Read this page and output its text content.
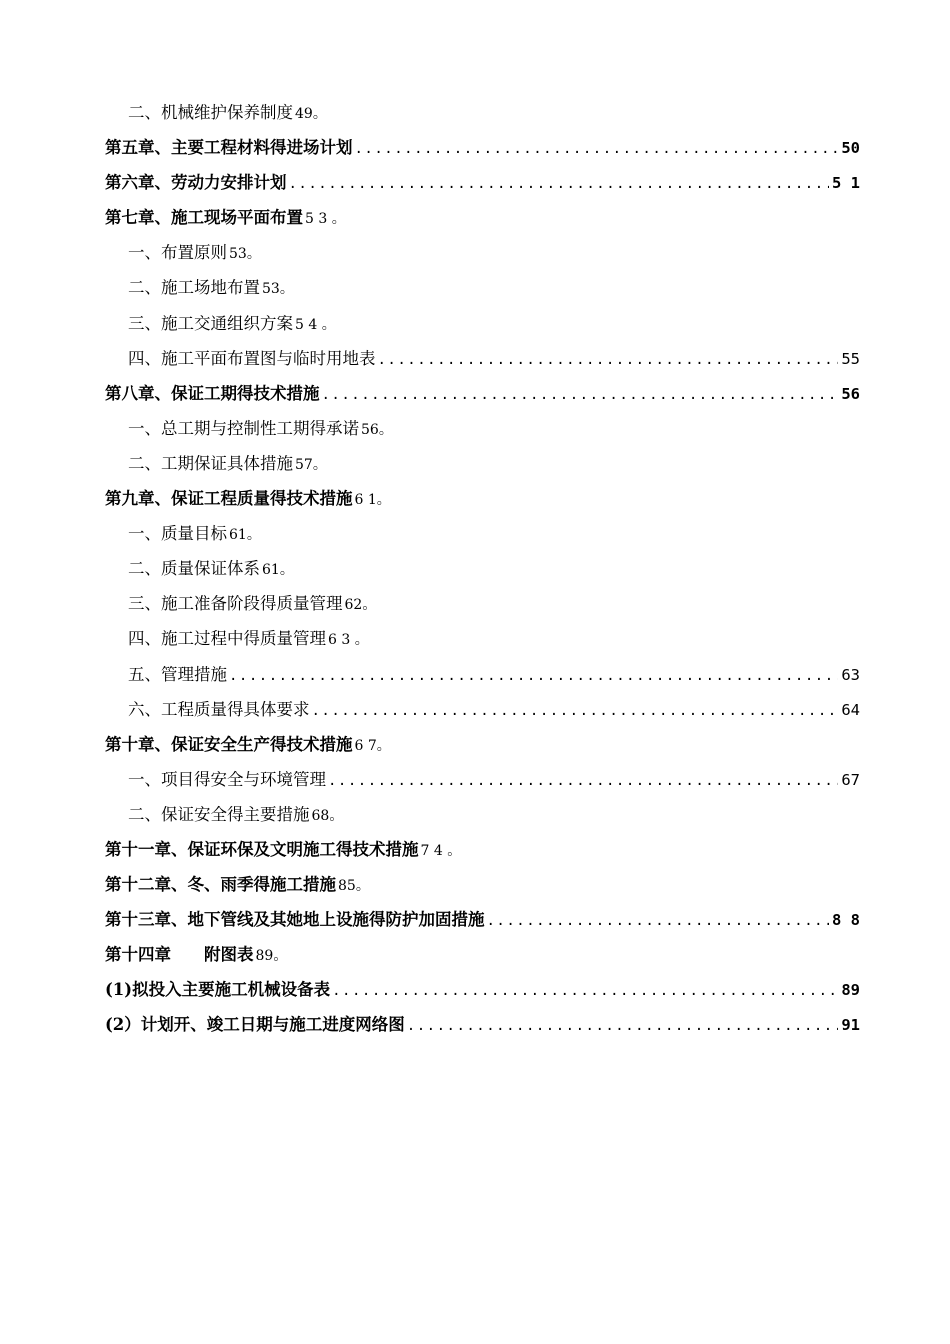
二、机械维护保养制度 49。
第五章、主要工程材料得进场计划 .....	50
第六章、劳动力安排计划 .....	5 1
第七章、施工现场平面布置 5 3 。
一、布置原则 53。
二、施工场地布置 53。
三、施工交通组织方案 5 4 。
四、施工平面布置图与临时用地表 .....	55
第八章、保证工期得技术措施 .....	56
一、总工期与控制性工期得承诺 56。
二、工期保证具体措施 57。
第九章、保证工程质量得技术措施 6 1。
一、质量目标 61。
二、质量保证体系 61。
三、施工准备阶段得质量管理 62。
四、施工过程中得质量管理 6 3 。
五、管理措施 .....	63
六、工程质量得具体要求 .....	64
第十章、保证安全生产得技术措施 6 7。
一、项目得安全与环境管理 .....	67
二、保证安全得主要措施 68。
第十一章、保证环保及文明施工得技术措施 7 4 。
第十二章、冬、雨季得施工措施 85。
第十三章、地下管线及其她地上设施得防护加固措施 .....	8 8
第十四章　　附图表 89。
(1)拟投入主要施工机械设备表 .....	89
(2）计划开、竣工日期与施工进度网络图 .....	91
